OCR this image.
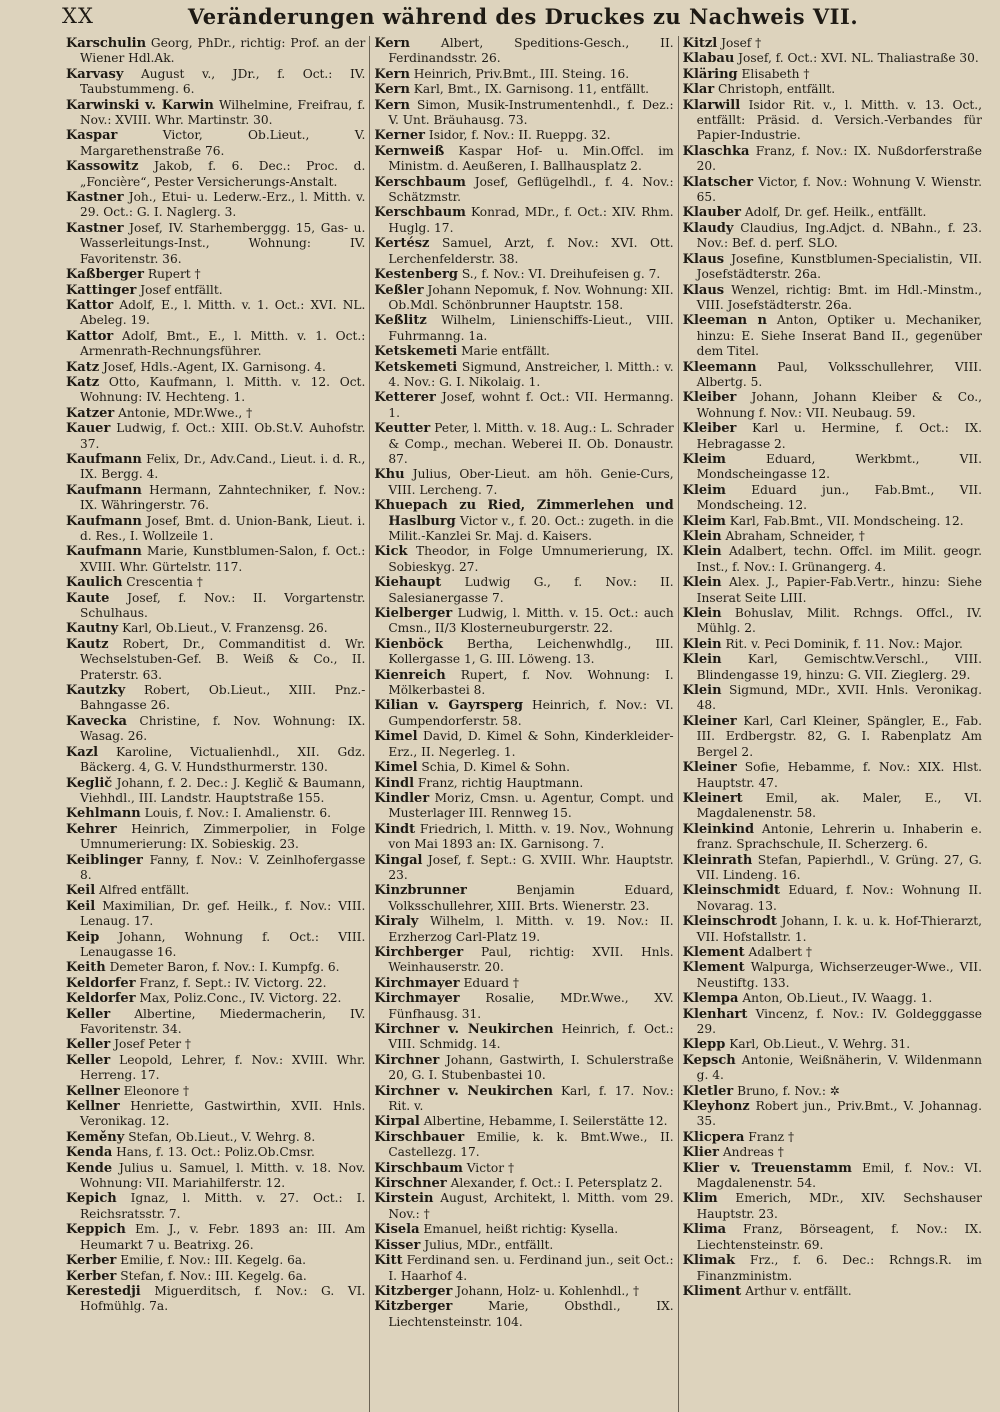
XX	Veränderungen während des Druckes zu Nachweis VII.

Karschulin Georg, PhDr., richtig: Prof. an der Wiener Hdl.Ak.

Karvasy August v., JDr., f. Oct.: IV. Taubstummeng. 6.

Karwinski v. Karwin Wilhelmine, Freifrau, f. Nov.: XVIII. Whr. Martinstr. 30.

Kaspar	Victor, Ob.Lieut., V. Margarethenstraße 76.

Kassowitz Jakob, f. 6. Dec.: Proc. d. „Foncière“, Pester Versicherungs-Anstalt.

Kastner Joh., Etui- u. Lederw.-Erz., l. Mitth. v. 29. Oct.: G. I. Naglerg. 3.

Kastner Josef, IV. Starhemberggg. 15, Gas- u. Wasserleitungs-Inst., Wohnung: IV. Favoritenstr. 36.

Kaßberger Rupert †

Kattinger Josef entfällt.

Kattor Adolf, E., l. Mitth. v. 1. Oct.: XVI. NL. Abeleg. 19.

Kattor Adolf, Bmt., E., l. Mitth. v. 1. Oct.: Armenrath-Rechnungsführer.

Katz Josef, Hdls.-Agent, IX. Garnisong. 4.

Katz Otto, Kaufmann, l. Mitth. v. 12. Oct. Wohnung: IV. Hechteng. 1.

Katzer Antonie, MDr.Wwe., †

Kauer Ludwig, f. Oct.: XIII. Ob.St.V. Auhofstr. 37.

Kaufmann Felix, Dr., Adv.Cand., Lieut. i. d. R., IX. Bergg. 4.

Kaufmann Hermann, Zahntechniker, f. Nov.: IX. Währingerstr. 76.

Kaufmann Josef, Bmt. d. Union-Bank, Lieut. i. d. Res., I. Wollzeile 1.

Kaufmann Marie, Kunstblumen-Salon, f. Oct.: XVIII. Whr. Gürtelstr. 117.

Kaulich Crescentia †

Kaute Josef, f. Nov.: II. Vorgartenstr. Schulhaus.

Kautny Karl, Ob.Lieut., V. Franzensg. 26.

Kautz Robert, Dr., Commanditist d. Wr. Wechselstuben-Gef. B. Weiß & Co., II. Praterstr. 63.

Kautzky Robert, Ob.Lieut., XIII. Pnz.-Bahngasse 26.

Kavecka Christine, f. Nov. Wohnung: IX. Wasag. 26.

Kazl Karoline, Victualienhdl., XII. Gdz. Bäckerg. 4, G. V. Hundsthurmerstr. 130.

Keglič Johann, f. 2. Dec.: J. Keglič & Baumann, Viehhdl., III. Landstr. Hauptstraße 155.

Kehlmann Louis, f. Nov.: I. Amalienstr. 6.

Kehrer Heinrich, Zimmerpolier, in Folge Umnumerierung: IX. Sobieskig. 23.

Keiblinger Fanny, f. Nov.: V. Zeinlhofergasse 8.

Keil Alfred entfällt.

Keil Maximilian, Dr. gef. Heilk., f. Nov.: VIII. Lenaug. 17.

Keip Johann, Wohnung f. Oct.: VIII. Lenaugasse 16.

Keith Demeter Baron, f. Nov.: I. Kumpfg. 6.

Keldorfer Franz, f. Sept.: IV. Victorg. 22.

Keldorfer Max, Poliz.Conc., IV. Victorg. 22.

Keller Albertine, Miedermacherin, IV. Favoritenstr. 34.

Keller Josef Peter †

Keller Leopold, Lehrer, f. Nov.: XVIII. Whr. Herreng. 17.

Kellner Eleonore †

Kellner Henriette, Gastwirthin, XVII. Hnls. Veronikag. 12.

Keměny Stefan, Ob.Lieut., V. Wehrg. 8.

Kenda Hans, f. 13. Oct.: Poliz.Ob.Cmsr.

Kende Julius u. Samuel, l. Mitth. v. 18. Nov. Wohnung: VII. Mariahilferstr. 12.

Kepich Ignaz, l. Mitth. v. 27. Oct.: I. Reichsratsstr. 7.

Keppich Em. J., v. Febr. 1893 an: III. Am Heumarkt 7 u. Beatrixg. 26.

Kerber Emilie, f. Nov.: III. Kegelg. 6a.

Kerber Stefan, f. Nov.: III. Kegelg. 6a.

Kerestedji Miguerditsch, f. Nov.: G. VI. Hofmühlg. 7a.

Kern	Albert, Speditions-Gesch., II. Ferdinandsstr. 26.

Kern Heinrich, Priv.Bmt., III. Steing. 16.

Kern Karl, Bmt., IX. Garnisong. 11, entfällt.

Kern Simon, Musik-Instrumentenhdl., f. Dez.: V. Unt. Bräuhausg. 73.

Kerner Isidor, f. Nov.: II. Rueppg. 32.

Kernweiß Kaspar Hof- u. Min.Offcl. im Ministm. d. Aeußeren, I. Ballhausplatz 2.

Kerschbaum Josef, Geflügelhdl., f. 4. Nov.: Schätzmstr.

Kerschbaum Konrad, MDr., f. Oct.: XIV. Rhm. Huglg. 17.

Kertész Samuel, Arzt, f. Nov.: XVI. Ott. Lerchenfelderstr. 38.

Kestenberg S., f. Nov.: VI. Dreihufeisen g. 7.

Keßler Johann Nepomuk, f. Nov. Wohnung: XII. Ob.Mdl. Schönbrunner Hauptstr. 158.

Keßlitz Wilhelm, Linienschiffs-Lieut., VIII. Fuhrmanng. 1a.

Ketskemeti Marie entfällt.

Ketskemeti Sigmund, Anstreicher, l. Mitth.: v. 4. Nov.: G. I. Nikolaig. 1.

Ketterer Josef, wohnt f. Oct.: VII. Hermanng. 1.

Keutter Peter, l. Mitth. v. 18. Aug.: L. Schrader & Comp., mechan. Weberei II. Ob. Donaustr. 87.

Khu Julius, Ober-Lieut. am höh. Genie-Curs, VIII. Lercheng. 7.

Khuepach zu Ried, Zimmerlehen und Haslburg Victor v., f. 20. Oct.: zugeth. in die Milit.-Kanzlei Sr. Maj. d. Kaisers.

Kick Theodor, in Folge Umnumerierung, IX. Sobieskyg. 27.

Kiehaupt Ludwig G., f. Nov.: II. Salesianergasse 7.

Kielberger Ludwig, l. Mitth. v. 15. Oct.: auch Cmsn., II/3 Klosterneuburgerstr. 22.

Kienböck Bertha, Leichenwhdlg., III. Kollergasse 1, G. III. Löweng. 13.

Kienreich Rupert, f. Nov. Wohnung: I. Mölkerbastei 8.

Kilian v. Gayrsperg Heinrich, f. Nov.: VI. Gumpendorferstr. 58.

Kimel David, D. Kimel & Sohn, Kinderkleider-Erz., II. Negerleg. 1.

Kimel Schia, D. Kimel & Sohn.

Kindl Franz, richtig Hauptmann.

Kindler Moriz, Cmsn. u. Agentur, Compt. und Musterlager III. Rennweg 15.

Kindt Friedrich, l. Mitth. v. 19. Nov., Wohnung von Mai 1893 an: IX. Garnisong. 7.

Kingal Josef, f. Sept.: G. XVIII. Whr. Hauptstr. 23.

Kinzbrunner	Benjamin Eduard, Volksschullehrer, XIII. Brts. Wienerstr. 23.

Kiraly Wilhelm, l. Mitth. v. 19. Nov.: II. Erzherzog Carl-Platz 19.

Kirchberger Paul, richtig: XVII. Hnls. Weinhauserstr. 20.

Kirchmayer Eduard †

Kirchmayer Rosalie, MDr.Wwe., XV. Fünfhausg. 31.

Kirchner v. Neukirchen Heinrich, f. Oct.: VIII. Schmidg. 14.

Kirchner Johann, Gastwirth, I. Schulerstraße 20, G. I. Stubenbastei 10.

Kirchner v. Neukirchen Karl, f. 17. Nov.: Rit. v.

Kirpal Albertine, Hebamme, I. Seilerstätte 12.

Kirschbauer Emilie, k. k. Bmt.Wwe., II. Castellezg. 17.

Kirschbaum Victor †

Kirschner Alexander, f. Oct.: I. Petersplatz 2.

Kirstein August, Architekt, l. Mitth. vom 29. Nov.: †

Kisela Emanuel, heißt richtig: Kysella.

Kisser Julius, MDr., entfällt.

Kitt Ferdinand sen. u. Ferdinand jun., seit Oct.: I. Haarhof 4.

Kitzberger Johann, Holz- u. Kohlenhdl., †

Kitzberger	Marie, Obsthdl., IX. Liechtensteinstr. 104.

Kitzl Josef †

Klabau Josef, f. Oct.: XVI. NL. Thaliastraße 30.

Kläring Elisabeth †

Klar Christoph, entfällt.

Klarwill Isidor Rit. v., l. Mitth. v. 13. Oct., entfällt: Präsid. d. Versich.-Verbandes für Papier-Industrie.

Klaschka Franz, f. Nov.: IX. Nußdorferstraße 20.

Klatscher Victor, f. Nov.: Wohnung V. Wienstr. 65.

Klauber Adolf, Dr. gef. Heilk., entfällt.

Klaudy Claudius, Ing.Adjct. d. NBahn., f. 23. Nov.: Bef. d. perf. SLO.

Klaus Josefine, Kunstblumen-Specialistin, VII. Josefstädterstr. 26a.

Klaus Wenzel, richtig: Bmt. im Hdl.-Minstm., VIII. Josefstädterstr. 26a.

Kleeman n Anton, Optiker u. Mechaniker, hinzu: E. Siehe Inserat Band II., gegenüber dem Titel.

Kleemann Paul, Volksschullehrer, VIII. Albertg. 5.

Kleiber Johann, Johann Kleiber & Co., Wohnung f. Nov.: VII. Neubaug. 59.

Kleiber Karl u. Hermine, f. Oct.: IX. Hebragasse 2.

Kleim	Eduard, Werkbmt., VII. Mondscheingasse 12.

Kleim Eduard jun., Fab.Bmt., VII. Mondscheing. 12.

Kleim Karl, Fab.Bmt., VII. Mondscheing. 12.

Klein Abraham, Schneider, †

Klein Adalbert, techn. Offcl. im Milit. geogr. Inst., f. Nov.: I. Grünangerg. 4.

Klein Alex. J., Papier-Fab.Vertr., hinzu: Siehe Inserat Seite LIII.

Klein Bohuslav, Milit. Rchngs. Offcl., IV. Mühlg. 2.

Klein Rit. v. Peci Dominik, f. 11. Nov.: Major.

Klein Karl, Gemischtw.Verschl., VIII. Blindengasse 19, hinzu: G. VII. Zieglerg. 29.

Klein Sigmund, MDr., XVII. Hnls. Veronikag. 48.

Kleiner Karl, Carl Kleiner, Spängler, E., Fab. III. Erdbergstr. 82, G. I. Rabenplatz Am Bergel 2.

Kleiner Sofie, Hebamme, f. Nov.: XIX. Hlst. Hauptstr. 47.

Kleinert Emil, ak. Maler, E., VI. Magdalenenstr. 58.

Kleinkind Antonie, Lehrerin u. Inhaberin e. franz. Sprachschule, II. Scherzerg. 6.

Kleinrath Stefan, Papierhdl., V. Grüng. 27, G. VII. Lindeng. 16.

Kleinschmidt Eduard, f. Nov.: Wohnung II. Novarag. 13.

Kleinschrodt Johann, I. k. u. k. Hof-Thierarzt, VII. Hofstallstr. 1.

Klement Adalbert †

Klement Walpurga, Wichserzeuger-Wwe., VII. Neustiftg. 133.

Klempa Anton, Ob.Lieut., IV. Waagg. 1.

Klenhart Vincenz, f. Nov.: IV. Goldegggasse 29.

Klepp Karl, Ob.Lieut., V. Wehrg. 31.

Kepsch Antonie, Weißnäherin, V. Wildenmann g. 4.

Kletler Bruno, f. Nov.: ✲

Kleyhonz Robert jun., Priv.Bmt., V. Johannag. 35.

Klicpera Franz †

Klier Andreas †

Klier v. Treuenstamm Emil, f. Nov.: VI. Magdalenenstr. 54.

Klim Emerich, MDr., XIV. Sechshauser Hauptstr. 23.

Klima Franz, Börseagent, f. Nov.: IX. Liechtensteinstr. 69.

Klimak Frz., f. 6. Dec.: Rchngs.R. im Finanzministm.

Kliment Arthur v. entfällt.
